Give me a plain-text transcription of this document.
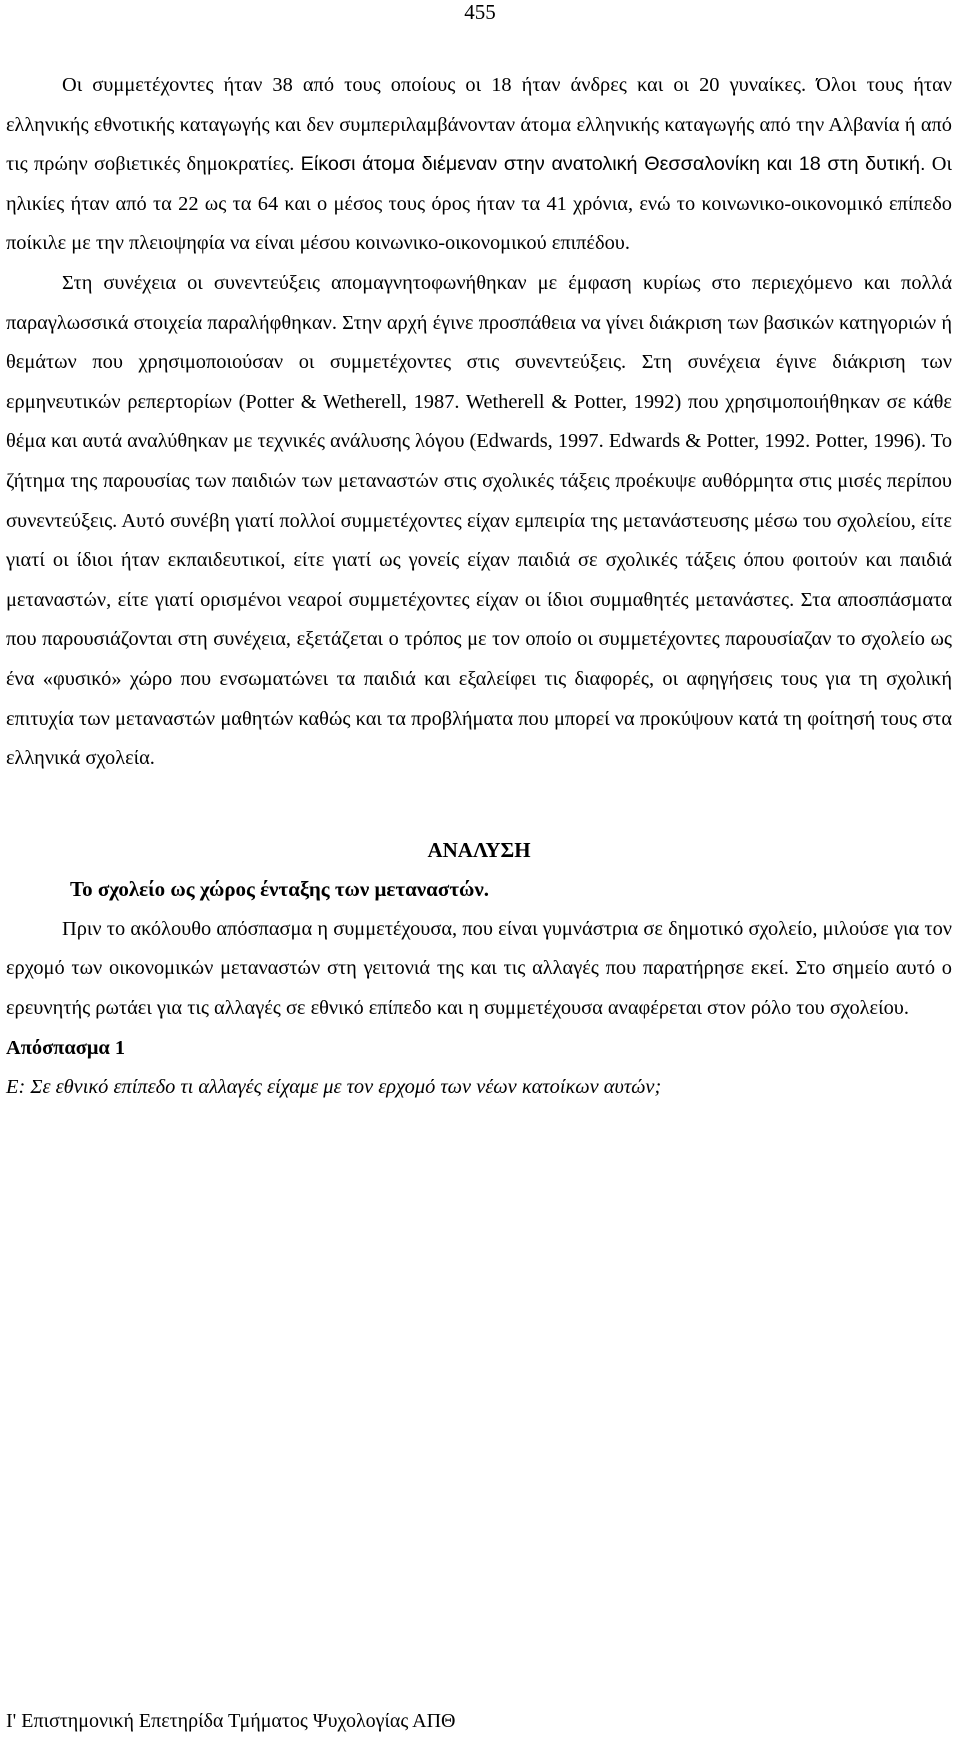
455

Οι συμμετέχοντες ήταν 38 από τους οποίους οι 18 ήταν άνδρες και οι 20 γυναίκες. Όλοι τους ήταν ελληνικής εθνοτικής καταγωγής και δεν συμπεριλαμβάνονταν άτομα ελληνικής καταγωγής από την Αλβανία ή από τις πρώην σοβιετικές δημοκρατίες. Είκοσι άτομα διέμεναν στην ανατολική Θεσσαλονίκη και 18 στη δυτική. Οι ηλικίες ήταν από τα 22 ως τα 64 και ο μέσος τους όρος ήταν τα 41 χρόνια, ενώ το κοινωνικο-οικονομικό επίπεδο ποίκιλε με την πλειοψηφία να είναι μέσου κοινωνικο-οικονομικού επιπέδου.

Στη συνέχεια οι συνεντεύξεις απομαγνητοφωνήθηκαν με έμφαση κυρίως στο περιεχόμενο και πολλά παραγλωσσικά στοιχεία παραλήφθηκαν. Στην αρχή έγινε προσπάθεια να γίνει διάκριση των βασικών κατηγοριών ή θεμάτων που χρησιμοποιούσαν οι συμμετέχοντες στις συνεντεύξεις. Στη συνέχεια έγινε διάκριση των ερμηνευτικών ρεπερτορίων (Potter & Wetherell, 1987. Wetherell & Potter, 1992) που χρησιμοποιήθηκαν σε κάθε θέμα και αυτά αναλύθηκαν με τεχνικές ανάλυσης λόγου (Edwards, 1997. Edwards & Potter, 1992. Potter, 1996). Το ζήτημα της παρουσίας των παιδιών των μεταναστών στις σχολικές τάξεις προέκυψε αυθόρμητα στις μισές περίπου συνεντεύξεις. Αυτό συνέβη γιατί πολλοί συμμετέχοντες είχαν εμπειρία της μετανάστευσης μέσω του σχολείου, είτε γιατί οι ίδιοι ήταν εκπαιδευτικοί, είτε γιατί ως γονείς είχαν παιδιά σε σχολικές τάξεις όπου φοιτούν και παιδιά μεταναστών, είτε γιατί ορισμένοι νεαροί συμμετέχοντες είχαν οι ίδιοι συμμαθητές μετανάστες. Στα αποσπάσματα που παρουσιάζονται στη συνέχεια, εξετάζεται ο τρόπος με τον οποίο οι συμμετέχοντες παρουσίαζαν το σχολείο ως ένα «φυσικό» χώρο που ενσωματώνει τα παιδιά και εξαλείφει τις διαφορές, οι αφηγήσεις τους για τη σχολική επιτυχία των μεταναστών μαθητών καθώς και τα προβλήματα που μπορεί να προκύψουν κατά τη φοίτησή τους στα ελληνικά σχολεία.

ΑΝΑΛΥΣΗ
Το σχολείο ως χώρος ένταξης των μεταναστών.

Πριν το ακόλουθο απόσπασμα η συμμετέχουσα, που είναι γυμνάστρια σε δημοτικό σχολείο, μιλούσε για τον ερχομό των οικονομικών μεταναστών στη γειτονιά της και τις αλλαγές που παρατήρησε εκεί. Στο σημείο αυτό ο ερευνητής ρωτάει για τις αλλαγές σε εθνικό επίπεδο και η συμμετέχουσα αναφέρεται στον ρόλο του σχολείου.

Απόσπασμα 1
Ε: Σε εθνικό επίπεδο τι αλλαγές είχαμε με τον ερχομό των νέων κατοίκων αυτών;
Ι' Επιστημονική Επετηρίδα Τμήματος Ψυχολογίας ΑΠΘ
